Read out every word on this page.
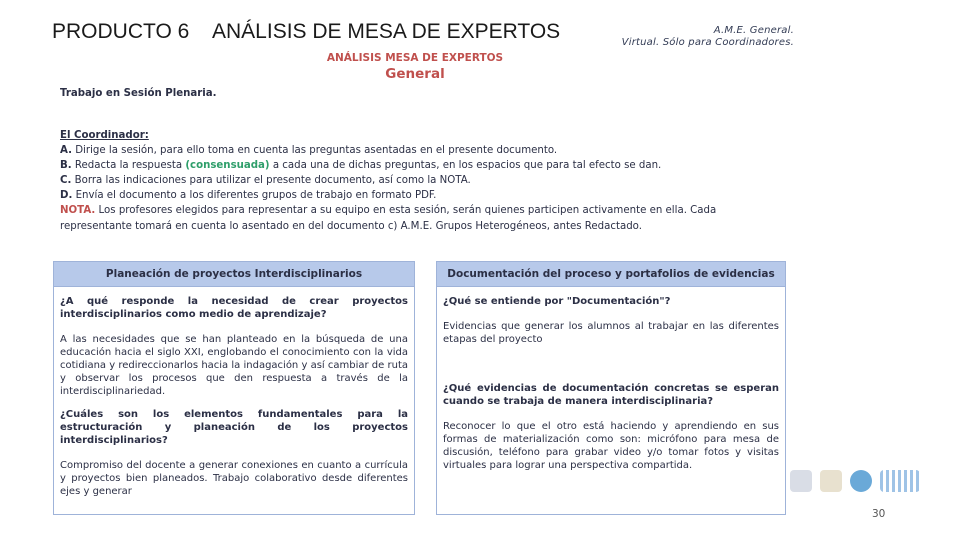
PRODUCTO 6 ANÁLISIS DE MESA DE EXPERTOS	A.M.E. General.
Virtual. Sólo para Coordinadores.
ANÁLISIS MESA DE EXPERTOS
General
Trabajo en Sesión Plenaria.
El Coordinador:
A. Dirige la sesión, para ello toma en cuenta las preguntas asentadas en el presente documento.
B. Redacta la respuesta (consensuada) a cada una de dichas preguntas, en los espacios que para tal efecto se dan.
C. Borra las indicaciones para utilizar el presente documento, así como la NOTA.
D. Envía el documento a los diferentes grupos de trabajo en formato PDF.
NOTA. Los profesores elegidos para representar a su equipo en esta sesión, serán quienes participen activamente en ella. Cada representante tomará en cuenta lo asentado en del documento c) A.M.E. Grupos Heterogéneos, antes Redactado.
Planeación de proyectos Interdisciplinarios
¿A qué responde la necesidad de crear proyectos interdisciplinarios como medio de aprendizaje?
A las necesidades que se han planteado en la búsqueda de una educación hacia el siglo XXI, englobando el conocimiento con la vida cotidiana y redireccionarlos hacia la indagación y así cambiar de ruta y observar los procesos que den respuesta a través de la interdisciplinariedad.
¿Cuáles son los elementos fundamentales para la estructuración y planeación de los proyectos interdisciplinarios?
Compromiso del docente a generar conexiones en cuanto a currícula y proyectos bien planeados. Trabajo colaborativo desde diferentes ejes y generar
Documentación del proceso y portafolios de evidencias
¿Qué se entiende por "Documentación"?
Evidencias que generar los alumnos al trabajar en las diferentes etapas del proyecto
¿Qué evidencias de documentación concretas se esperan cuando se trabaja de manera interdisciplinaria?
Reconocer lo que el otro está haciendo y aprendiendo en sus formas de materialización como son: micrófono para mesa de discusión, teléfono para grabar video y/o tomar fotos y visitas virtuales para lograr una perspectiva compartida.
30
